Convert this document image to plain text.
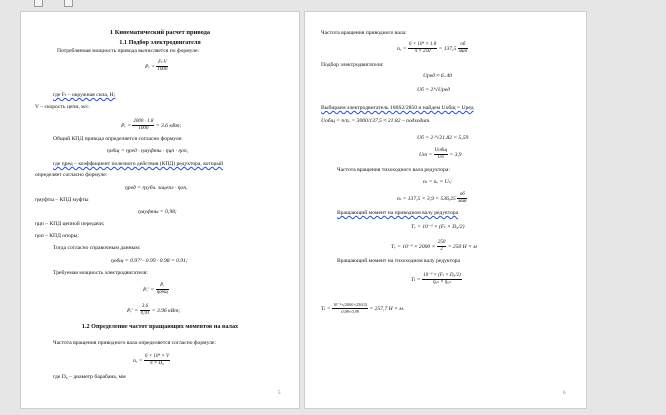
1 Кинематический расчет привода
1.1 Подбор электродвигателя
Потребляемая мощность привода вычисляется по формуле:
Pᵣ = $\frac{\text{Fₜ·V}}{1000}$
где Fₜ – окружная сила, Н;
V – скорость цепи, м/с.
Pᵣ = $\frac{2000 \cdot 1.8}{1000} = 3.6$ кВт;
Общий КПД привода определяется согласно формуле:
ηобщ = ηред · ηмуфты · ηцп · ηоп,
где ηред – коэффициент полезного действия (КПД) редуктора, который
определяет согласно формуле:
ηред = ηзубч. зацепл · ηоп,
ηмуфты – КПД муфты
ηмуфты = 0,98;
ηцп – КПД цепной передачи;
ηоп – КПД опоры;
Тогда согласно справочным данным:
ηобщ = 0.97² · 0.99 · 0.98 = 0.91;
Требуемая мощность электродвигателя:
Pᵣ′ = $\frac{\text{Pᵣ}}{\text{ηобщ}}$
Pᵣ′ = $\frac{3.6}{0,91} = 3.96$ кВт;
1.2 Определение частот вращающих моментов на валах
Частота вращения приводного вала определяется согласно формуле:
nᵥ = $\frac{\text{6 × 10⁴ × V}}{\text{π × D₀}}$
где D₀ – диаметр барабана, мм
5
Частота вращения приводного вала:
nᵥ = $\frac{\text{6 × 10⁴ × 1.8}}{\pi \times 250} = 137,5 \frac{об}{\text{мин}}$
Подбор электродвигателя:
Uред ≈ 6..40
Uб = 2³√Uред
Выбираем электродвигатель 100S2/2850 и найдем Uобщ = Uред
Uобщ = n/nᵥ = 3000/137,5 ≈ 21.82 – подходит.
Uб = 2·³√21.82 = 5,59
Uт = $\frac{\text{Uобщ}}{Uб} = 3,9$
Частота вращения тихоходного вала редуктора:
nₜ = nᵥ × Uₜ;
$n_t = 137,5 \times 3,9 = 536,25 \frac{об}{\text{мин}}$
Вращающий момент на приводном валу редуктора
Tᵥ = 10⁻³ × (Fₜ × D₀/2)
Tᵥ = $10^{-3} \times 2000 \times \frac{250}{2} = 250$ Н × м
Вращающий момент на тихоходном валу редуктора
$T_t = \frac{\text{10⁻³ × (Fₜ × D₀/2)}}{\text{ηₒₙ × ηᵤₙ}}$
$T_t = \frac{\text{10⁻³×(2000×250/2)}}{0,98\times 0,99} = 257,7$ Н × м.
6
